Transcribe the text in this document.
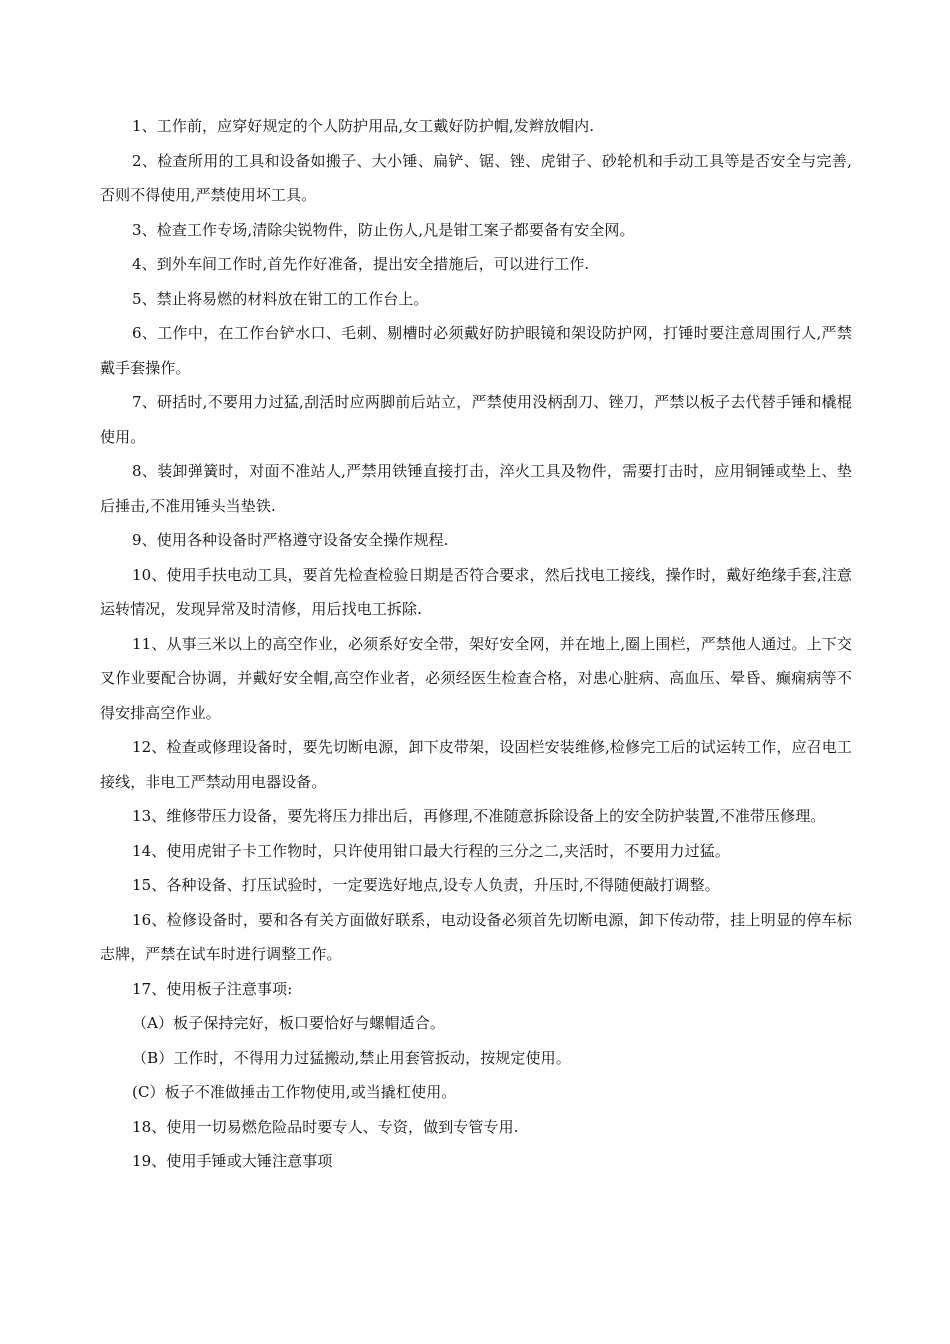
1、工作前，应穿好规定的个人防护用品,女工戴好防护帽,发辫放帽内.

2、检查所用的工具和设备如搬子、大小锤、扁铲、锯、锉、虎钳子、砂轮机和手动工具等是否安全与完善,否则不得使用,严禁使用坏工具。

3、检查工作专场,清除尖锐物件，防止伤人,凡是钳工案子都要备有安全网。

4、到外车间工作时,首先作好准备，提出安全措施后，可以进行工作.

5、禁止将易燃的材料放在钳工的工作台上。

6、工作中，在工作台铲水口、毛刺、剔槽时必须戴好防护眼镜和架设防护网，打锤时要注意周围行人,严禁戴手套操作。

7、研括时,不要用力过猛,刮活时应两脚前后站立，严禁使用没柄刮刀、锉刀，严禁以板子去代替手锤和橇棍使用。

8、装卸弹簧时，对面不准站人,严禁用铁锤直接打击，淬火工具及物件，需要打击时，应用铜锤或垫上、垫后捶击,不准用锤头当垫铁.

9、使用各种设备时严格遵守设备安全操作规程.

10、使用手扶电动工具，要首先检查检验日期是否符合要求，然后找电工接线，操作时，戴好绝缘手套,注意运转情况，发现异常及时清修，用后找电工拆除.

11、从事三米以上的高空作业，必须系好安全带，架好安全网，并在地上,圈上围栏，严禁他人通过。上下交叉作业要配合协调，并戴好安全帽,高空作业者，必须经医生检查合格，对患心脏病、高血压、晕昏、癫痫病等不得安排高空作业。

12、检查或修理设备时，要先切断电源，卸下皮带架，设固栏安装维修,检修完工后的试运转工作，应召电工接线，非电工严禁动用电器设备。

13、维修带压力设备，要先将压力排出后，再修理,不准随意拆除设备上的安全防护装置,不准带压修理。

14、使用虎钳子卡工作物时，只许使用钳口最大行程的三分之二,夹活时，不要用力过猛。

15、各种设备、打压试验时，一定要选好地点,设专人负责，升压时,不得随便敲打调整。

16、检修设备时，要和各有关方面做好联系，电动设备必须首先切断电源，卸下传动带，挂上明显的停车标志牌，严禁在试车时进行调整工作。

17、使用板子注意事项:

（A）板子保持完好，板口要恰好与螺帽适合。

（B）工作时，不得用力过猛搬动,禁止用套管扳动，按规定使用。

(C）板子不准做捶击工作物使用,或当撬杠使用。

18、使用一切易燃危险品时要专人、专资，做到专管专用.

19、使用手锤或大锤注意事项
